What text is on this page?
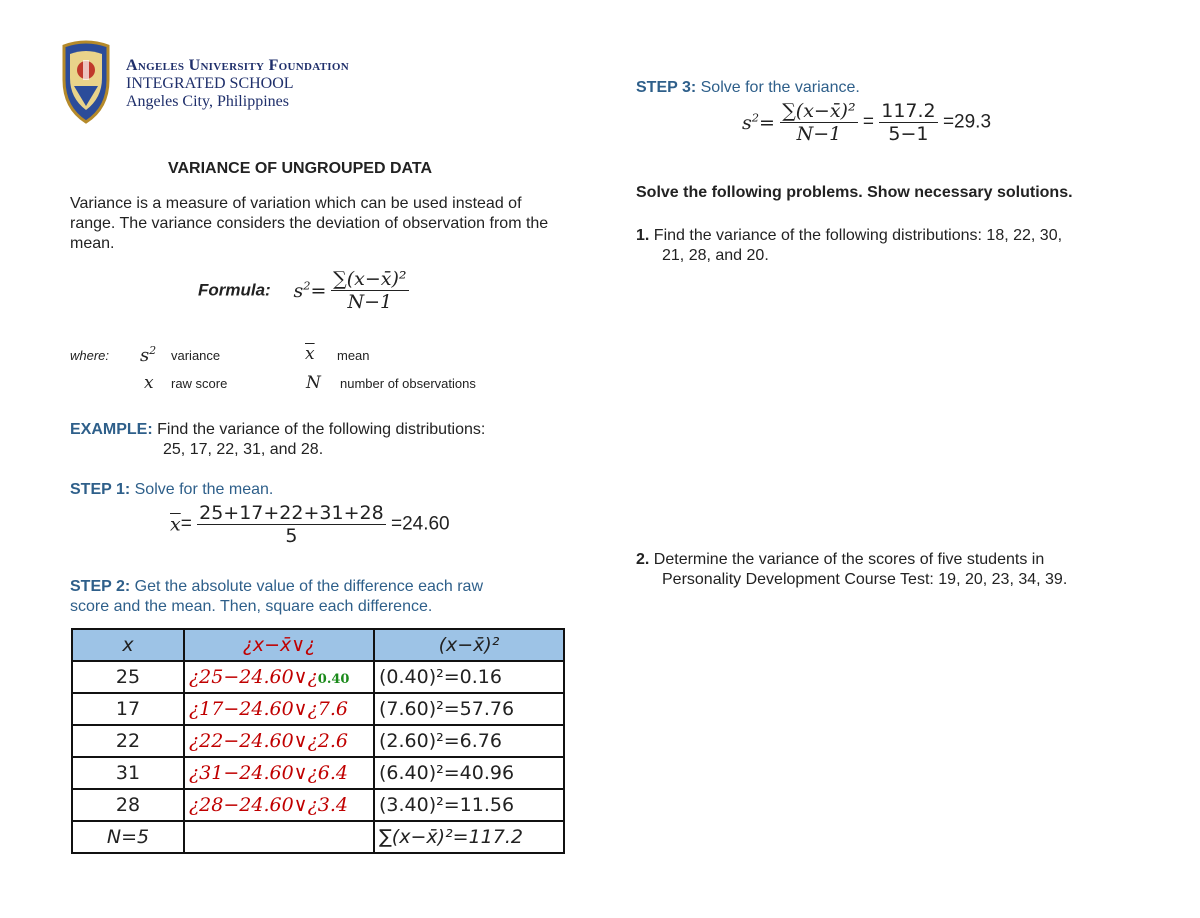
Angeles University Foundation
INTEGRATED SCHOOL
Angeles City, Philippines
VARIANCE OF UNGROUPED DATA
Variance is a measure of variation which can be used instead of range. The variance considers the deviation of observation from the mean.
Formula: $s^2= \frac{\text{∑(x−x̄)²}}{N-1}$
where: $s^2$ variance	$\overline{x}$ mean
x raw score	N number of observations
EXAMPLE: Find the variance of the following distributions:
25, 17, 22, 31, and 28.
STEP 1: Solve for the mean.
$\overline{x}= \frac{25+17+22+31+28}{5} =24.60$
STEP 2: Get the absolute value of the difference each raw
score and the mean. Then, square each difference.
x	¿x−x̄∨¿	(x−x̄)²
25	¿25−24.60∨¿0.40	(0.40)²=0.16
17	¿17−24.60∨¿7.6	(7.60)²=57.76
22	¿22−24.60∨¿2.6	(2.60)²=6.76
31	¿31−24.60∨¿6.4	(6.40)²=40.96
28	¿28−24.60∨¿3.4	(3.40)²=11.56
N=5		∑(x−x̄)²=117.2
STEP 3: Solve for the variance.
$s^2= \frac{\text{∑(x−x̄)²}}{N-1} = \frac{117.2}{5-1} =29.3$
Solve the following problems. Show necessary solutions.
1. Find the variance of the following distributions: 18, 22, 30,
21, 28, and 20.
2. Determine the variance of the scores of five students in
Personality Development Course Test: 19, 20, 23, 34, 39.
